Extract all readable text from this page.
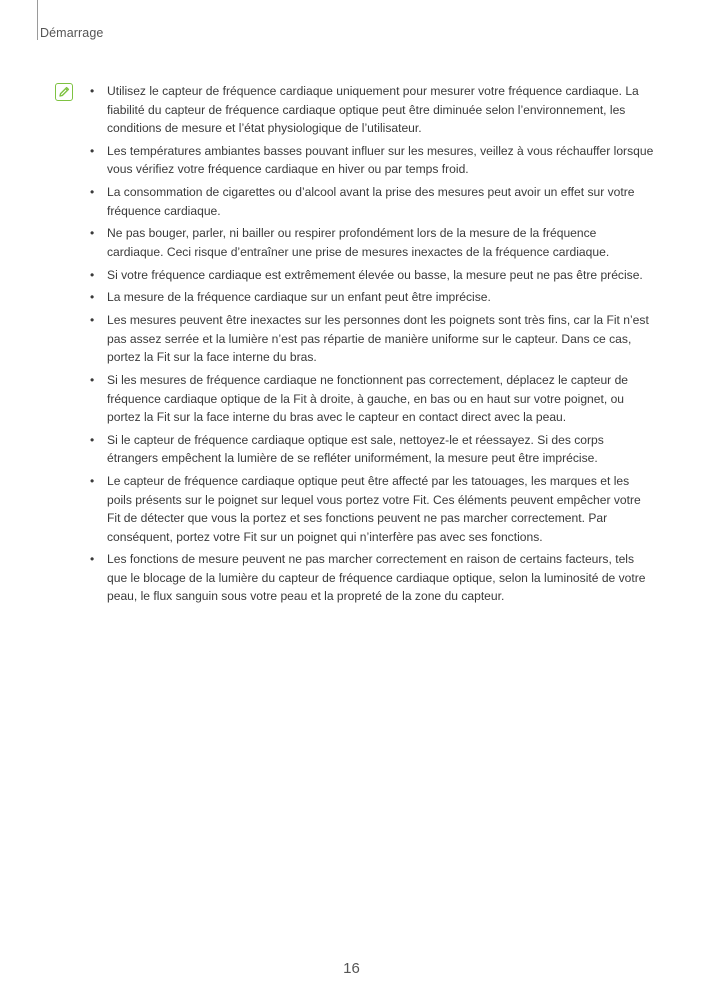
Démarrage
• Utilisez le capteur de fréquence cardiaque uniquement pour mesurer votre fréquence cardiaque. La fiabilité du capteur de fréquence cardiaque optique peut être diminuée selon l’environnement, les conditions de mesure et l’état physiologique de l’utilisateur.
• Les températures ambiantes basses pouvant influer sur les mesures, veillez à vous réchauffer lorsque vous vérifiez votre fréquence cardiaque en hiver ou par temps froid.
• La consommation de cigarettes ou d’alcool avant la prise des mesures peut avoir un effet sur votre fréquence cardiaque.
• Ne pas bouger, parler, ni bailler ou respirer profondément lors de la mesure de la fréquence cardiaque. Ceci risque d’entraîner une prise de mesures inexactes de la fréquence cardiaque.
• Si votre fréquence cardiaque est extrêmement élevée ou basse, la mesure peut ne pas être précise.
• La mesure de la fréquence cardiaque sur un enfant peut être imprécise.
• Les mesures peuvent être inexactes sur les personnes dont les poignets sont très fins, car la Fit n’est pas assez serrée et la lumière n’est pas répartie de manière uniforme sur le capteur. Dans ce cas, portez la Fit sur la face interne du bras.
• Si les mesures de fréquence cardiaque ne fonctionnent pas correctement, déplacez le capteur de fréquence cardiaque optique de la Fit à droite, à gauche, en bas ou en haut sur votre poignet, ou portez la Fit sur la face interne du bras avec le capteur en contact direct avec la peau.
• Si le capteur de fréquence cardiaque optique est sale, nettoyez-le et réessayez. Si des corps étrangers empêchent la lumière de se refléter uniformément, la mesure peut être imprécise.
• Le capteur de fréquence cardiaque optique peut être affecté par les tatouages, les marques et les poils présents sur le poignet sur lequel vous portez votre Fit. Ces éléments peuvent empêcher votre Fit de détecter que vous la portez et ses fonctions peuvent ne pas marcher correctement. Par conséquent, portez votre Fit sur un poignet qui n’interfère pas avec ses fonctions.
• Les fonctions de mesure peuvent ne pas marcher correctement en raison de certains facteurs, tels que le blocage de la lumière du capteur de fréquence cardiaque optique, selon la luminosité de votre peau, le flux sanguin sous votre peau et la propreté de la zone du capteur.
16
